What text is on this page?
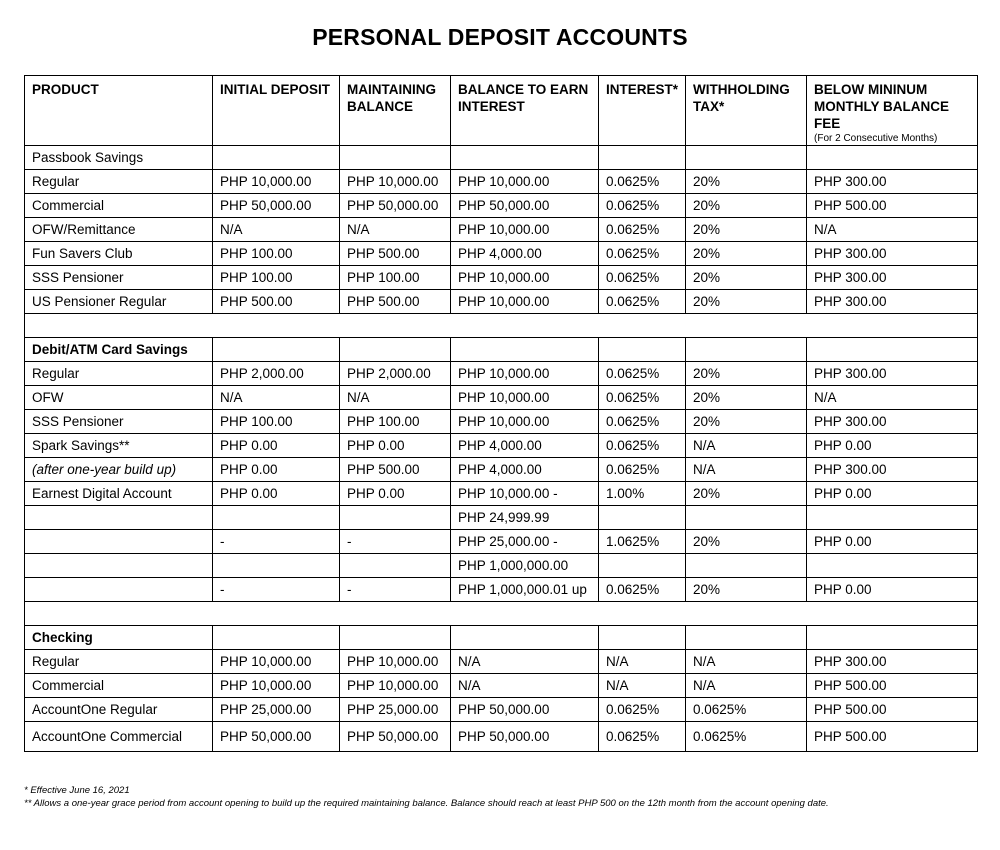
PERSONAL DEPOSIT ACCOUNTS
PRODUCT	INITIAL DEPOSIT	MAINTAINING BALANCE	BALANCE TO EARN INTEREST	INTEREST*	WITHHOLDING TAX*	BELOW MININUM MONTHLY BALANCE FEE
(For 2 Consecutive Months)

Passbook Savings						
Regular	PHP 10,000.00	PHP 10,000.00	PHP 10,000.00	0.0625%	20%	PHP 300.00
Commercial	PHP 50,000.00	PHP 50,000.00	PHP 50,000.00	0.0625%	20%	PHP 500.00
OFW/Remittance	N/A	N/A	PHP 10,000.00	0.0625%	20%	N/A
Fun Savers Club	PHP 100.00	PHP 500.00	PHP 4,000.00	0.0625%	20%	PHP 300.00
SSS Pensioner	PHP 100.00	PHP 100.00	PHP 10,000.00	0.0625%	20%	PHP 300.00
US Pensioner Regular	PHP 500.00	PHP 500.00	PHP 10,000.00	0.0625%	20%	PHP 300.00

Debit/ATM Card Savings						
Regular	PHP 2,000.00	PHP 2,000.00	PHP 10,000.00	0.0625%	20%	PHP 300.00
OFW	N/A	N/A	PHP 10,000.00	0.0625%	20%	N/A
SSS Pensioner	PHP 100.00	PHP 100.00	PHP 10,000.00	0.0625%	20%	PHP 300.00
Spark Savings**	PHP 0.00	PHP 0.00	PHP 4,000.00	0.0625%	N/A	PHP 0.00
(after one-year build up)	PHP 0.00	PHP 500.00	PHP 4,000.00	0.0625%	N/A	PHP 300.00
Earnest Digital Account	PHP 0.00	PHP 0.00	PHP 10,000.00 -	1.00%	20%	PHP 0.00
			PHP 24,999.99			
	-	-	PHP 25,000.00 -	1.0625%	20%	PHP 0.00
			PHP 1,000,000.00			
	-	-	PHP 1,000,000.01 up	0.0625%	20%	PHP 0.00

Checking						
Regular	PHP 10,000.00	PHP 10,000.00	N/A	N/A	N/A	PHP 300.00
Commercial	PHP 10,000.00	PHP 10,000.00	N/A	N/A	N/A	PHP 500.00
AccountOne Regular	PHP 25,000.00	PHP 25,000.00	PHP 50,000.00	0.0625%	0.0625%	PHP 500.00
AccountOne Commercial	PHP 50,000.00	PHP 50,000.00	PHP 50,000.00	0.0625%	0.0625%	PHP 500.00
* Effective June 16, 2021
** Allows a one-year grace period from account opening to build up the required maintaining balance. Balance should reach at least PHP 500 on the 12th month from the account opening date.
